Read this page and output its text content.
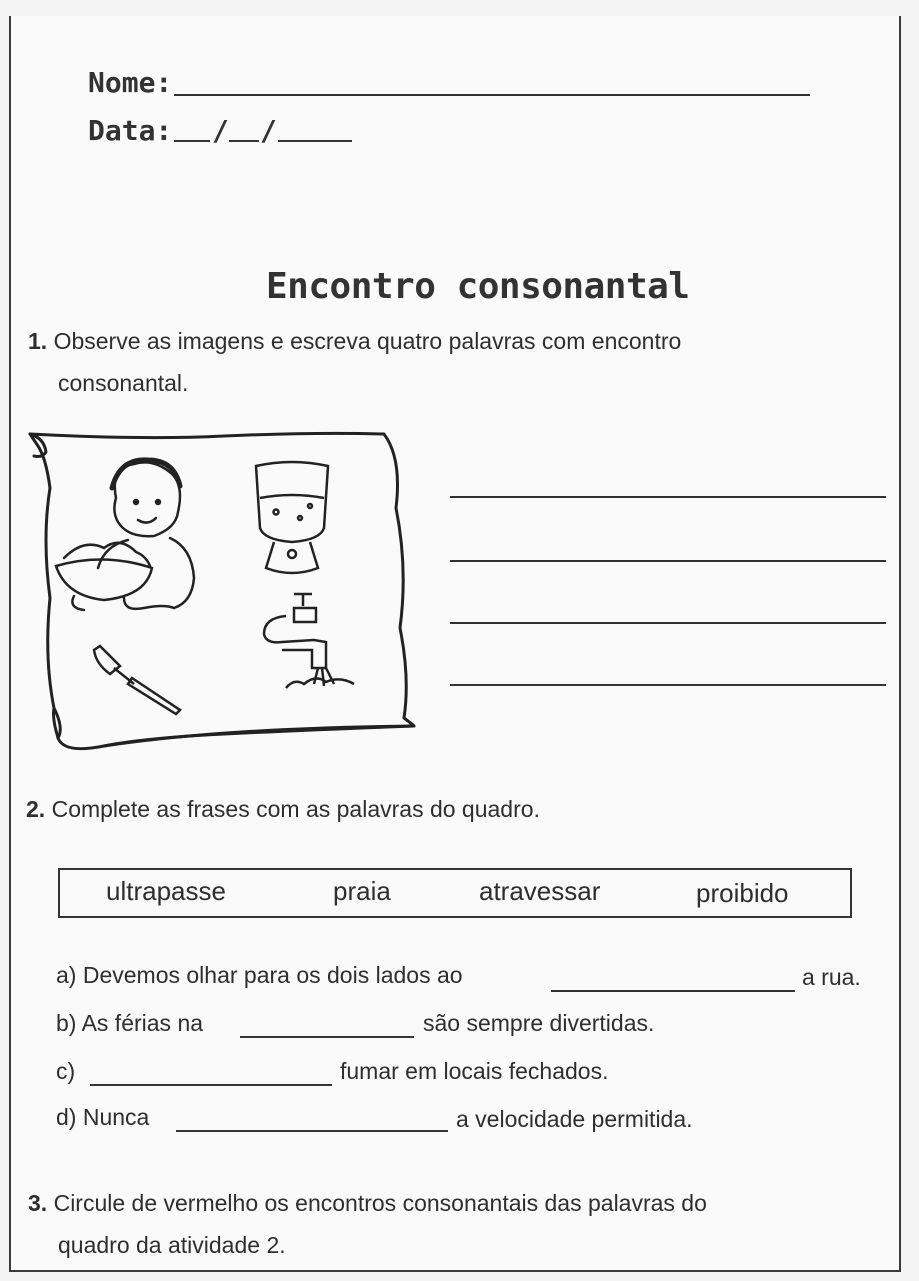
Nome:
Data: / /
Encontro consonantal
1. Observe as imagens e escreva quatro palavras com encontro
consonantal.
2. Complete as frases com as palavras do quadro.
ultrapasse	praia	atravessar	proibido
a) Devemos olhar para os dois lados ao	a rua.
b) As férias na	são sempre divertidas.
c)	fumar em locais fechados.
d) Nunca	a velocidade permitida.
3. Circule de vermelho os encontros consonantais das palavras do
quadro da atividade 2.
